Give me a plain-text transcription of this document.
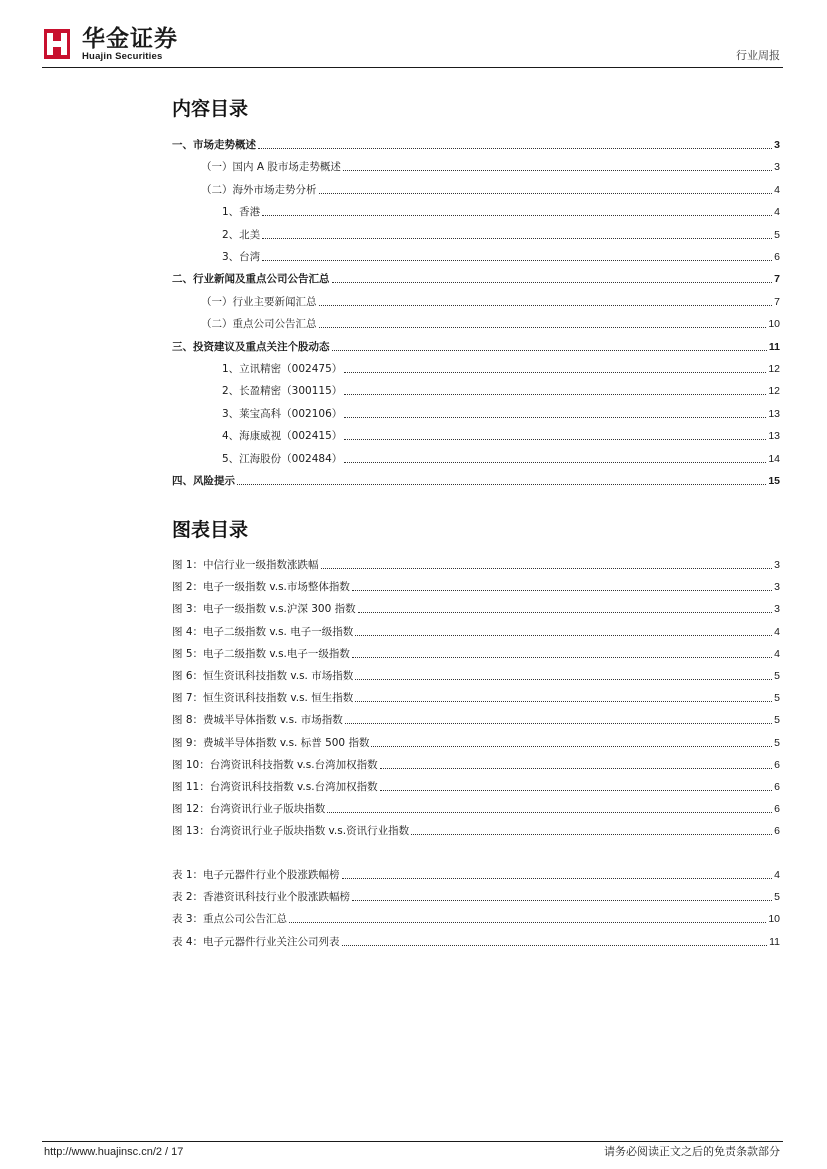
华金证券
Huajin Securities	行业周报
内容目录
一、市场走势概述	3
（一）国内 A 股市场走势概述	3
（二）海外市场走势分析	4
1、香港	4
2、北美	5
3、台湾	6
二、行业新闻及重点公司公告汇总	7
（一）行业主要新闻汇总	7
（二）重点公司公告汇总	10
三、投资建议及重点关注个股动态	11
1、立讯精密（002475）	12
2、长盈精密（300115）	12
3、莱宝高科（002106）	13
4、海康威视（002415）	13
5、江海股份（002484）	14
四、风险提示	15
图表目录
图 1：中信行业一级指数涨跌幅	3
图 2：电子一级指数 v.s.市场整体指数	3
图 3：电子一级指数 v.s.沪深 300 指数	3
图 4：电子二级指数 v.s. 电子一级指数	4
图 5：电子二级指数 v.s.电子一级指数	4
图 6：恒生资讯科技指数 v.s. 市场指数	5
图 7：恒生资讯科技指数 v.s. 恒生指数	5
图 8：费城半导体指数 v.s. 市场指数	5
图 9：费城半导体指数 v.s. 标普 500 指数	5
图 10：台湾资讯科技指数 v.s.台湾加权指数	6
图 11：台湾资讯科技指数 v.s.台湾加权指数	6
图 12：台湾资讯行业子版块指数	6
图 13：台湾资讯行业子版块指数 v.s.资讯行业指数	6
表 1：电子元器件行业个股涨跌幅榜	4
表 2：香港资讯科技行业个股涨跌幅榜	5
表 3：重点公司公告汇总	10
表 4：电子元器件行业关注公司列表	11
http://www.huajinsc.cn/2 / 17	请务必阅读正文之后的免责条款部分
